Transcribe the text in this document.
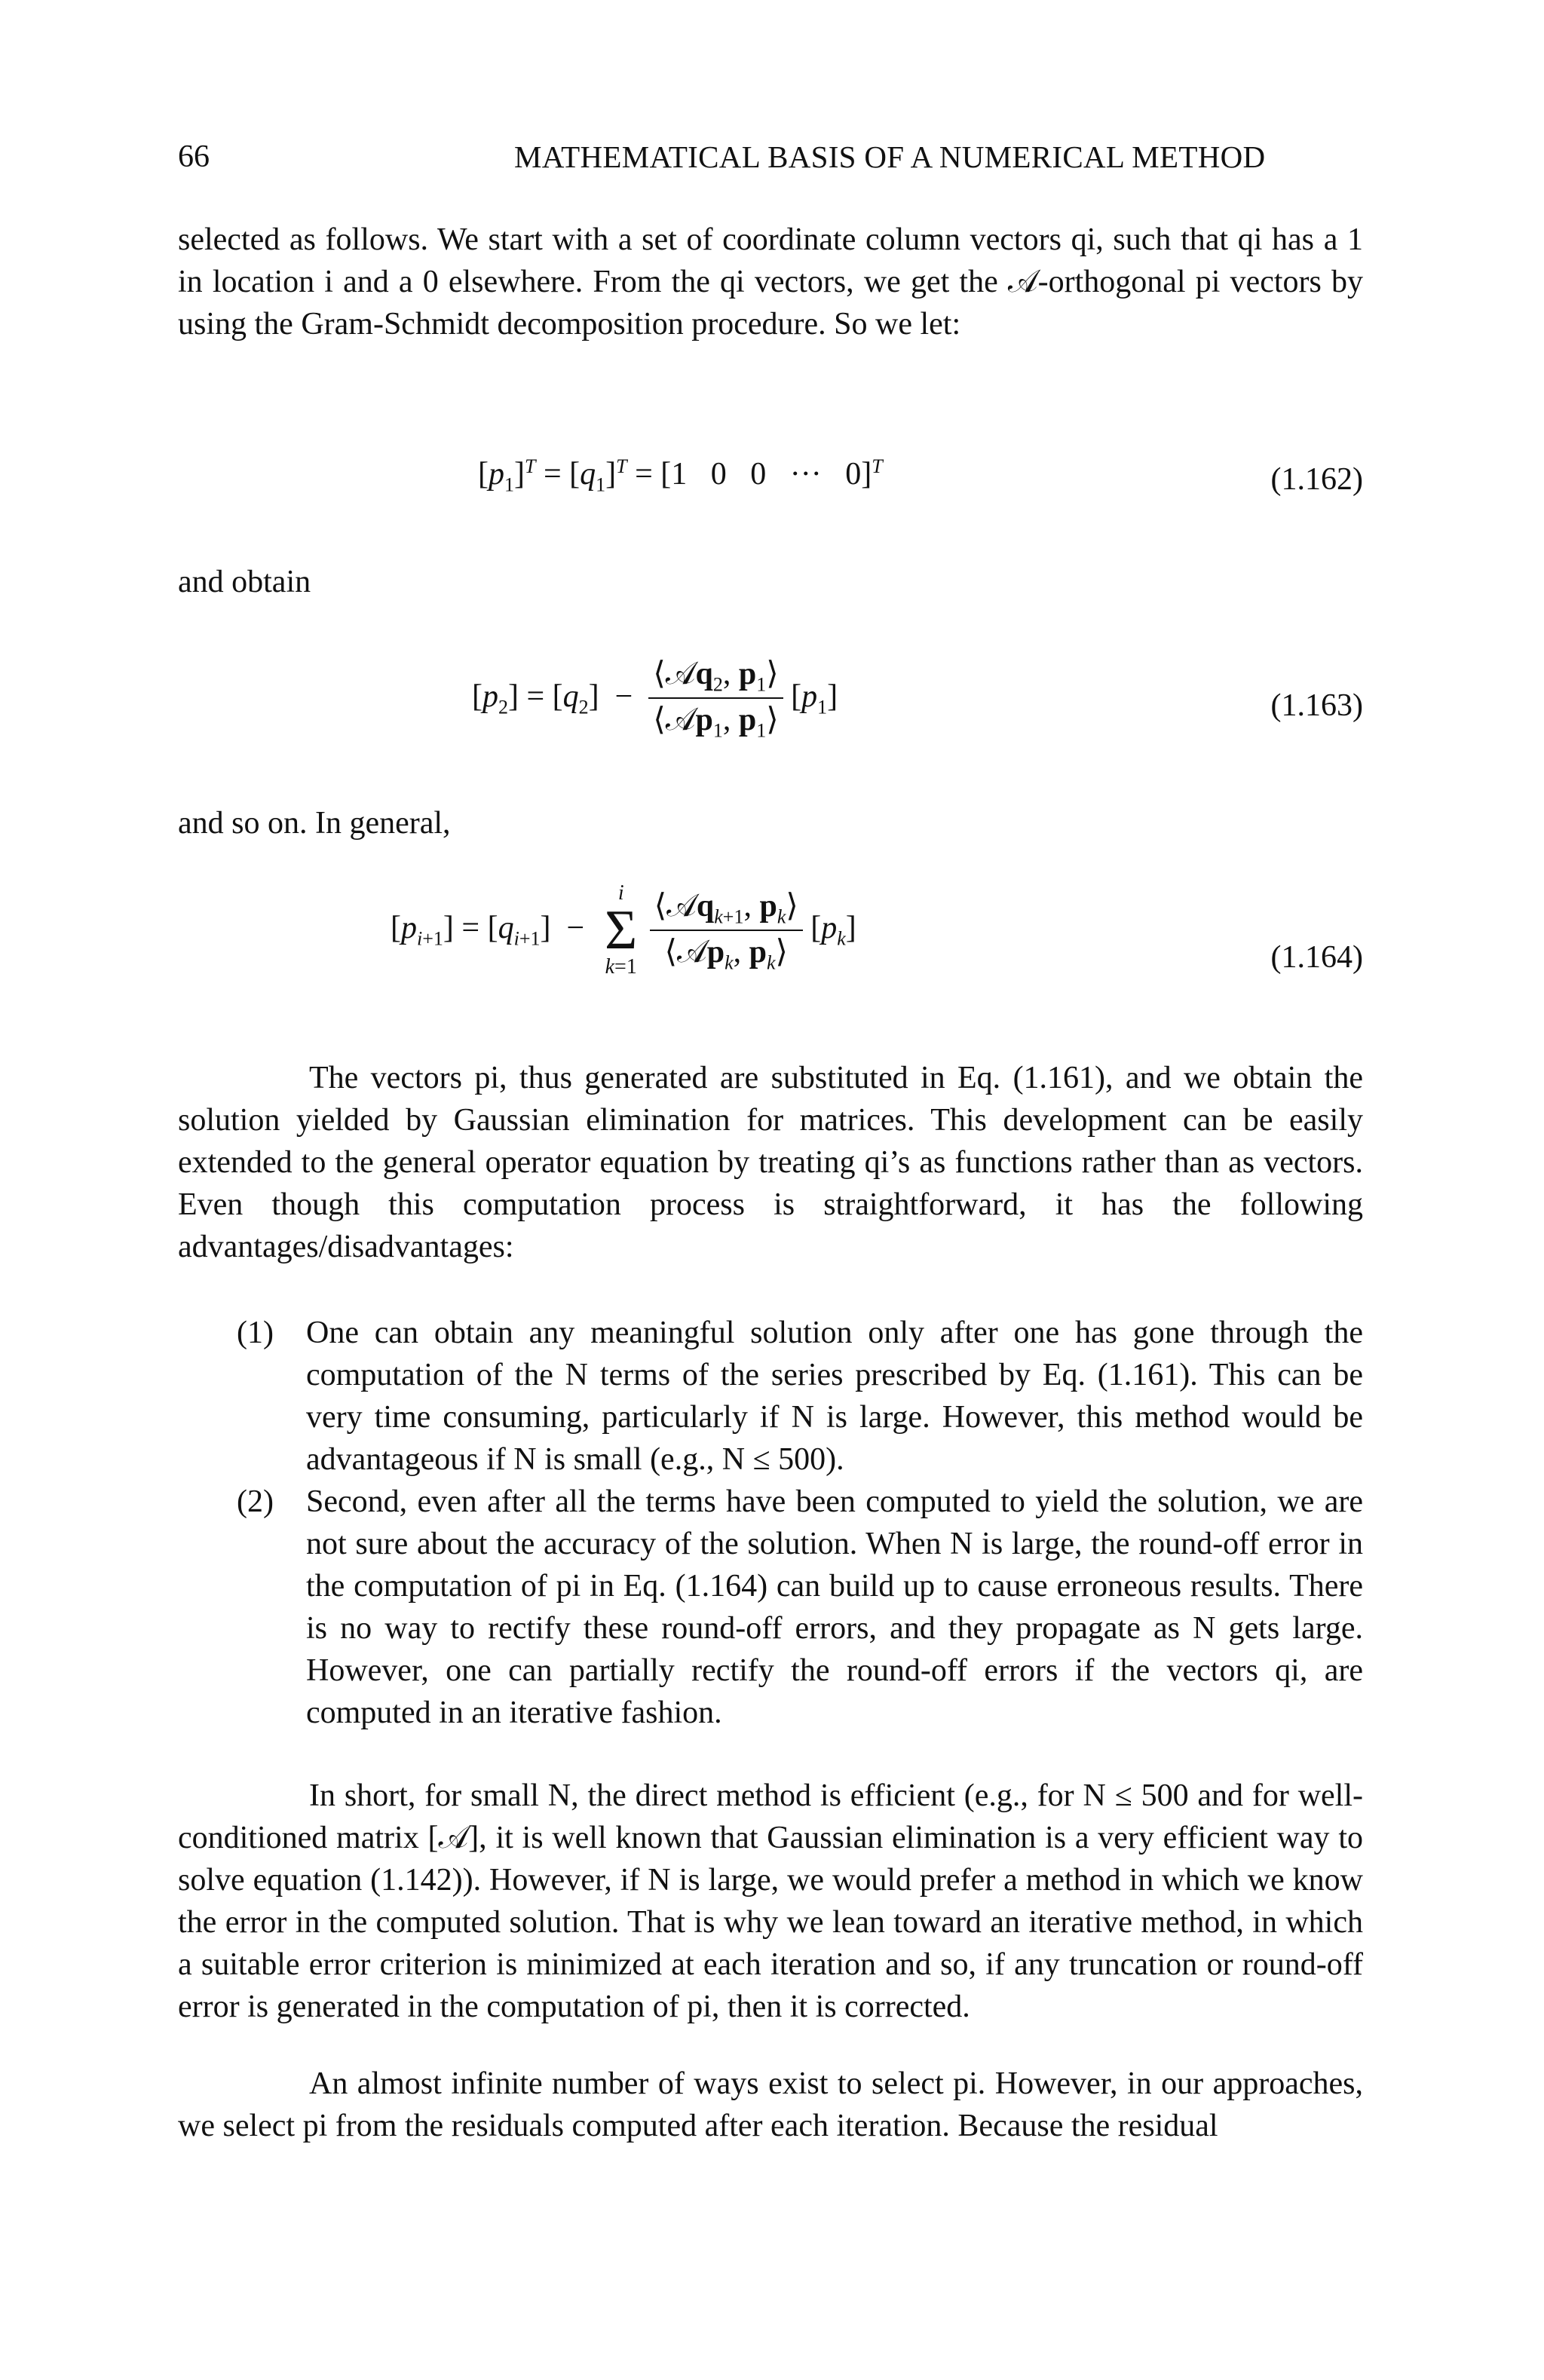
66	MATHEMATICAL BASIS OF A NUMERICAL METHOD

selected as follows. We start with a set of coordinate column vectors qi, such that qi has a 1 in location i and a 0 elsewhere. From the qi vectors, we get the 𝒜-orthogonal pi vectors by using the Gram-Schmidt decomposition procedure. So we let:

$[p_1]^T = [q_1]^T = [1$   0   0   ···   0]$^T$	(1.162)
and obtain
$[p_2] = [q_2] - \frac{⟨𝒜q_2, p_1⟩}{⟨𝒜p_1, p_1⟩} [p_1]$	(1.163)
and so on. In general,
$[p_{i+1}] = [q_{i+1}]$  −
i
Σ
k=1
$\frac{⟨𝒜q_{k+1}, p_k⟩}{⟨𝒜p_k, p_k⟩} [p_k]$
(1.164)

The vectors pi, thus generated are substituted in Eq. (1.161), and we obtain the solution yielded by Gaussian elimination for matrices. This development can be easily extended to the general operator equation by treating qi’s as functions rather than as vectors. Even though this computation process is straightforward, it has the following advantages/disadvantages:

(1) One can obtain any meaningful solution only after one has gone through the computation of the N terms of the series prescribed by Eq. (1.161). This can be very time consuming, particularly if N is large. However, this method would be advantageous if N is small (e.g., N ≤ 500).
(2) Second, even after all the terms have been computed to yield the solution, we are not sure about the accuracy of the solution. When N is large, the round-off error in the computation of pi in Eq. (1.164) can build up to cause erroneous results. There is no way to rectify these round-off errors, and they propagate as N gets large. However, one can partially rectify the round-off errors if the vectors qi, are computed in an iterative fashion.

In short, for small N, the direct method is efficient (e.g., for N ≤ 500 and for well-conditioned matrix [𝒜], it is well known that Gaussian elimination is a very efficient way to solve equation (1.142)). However, if N is large, we would prefer a method in which we know the error in the computed solution. That is why we lean toward an iterative method, in which a suitable error criterion is minimized at each iteration and so, if any truncation or round-off error is generated in the computation of pi, then it is corrected.

An almost infinite number of ways exist to select pi. However, in our approaches, we select pi from the residuals computed after each iteration. Because the residual
